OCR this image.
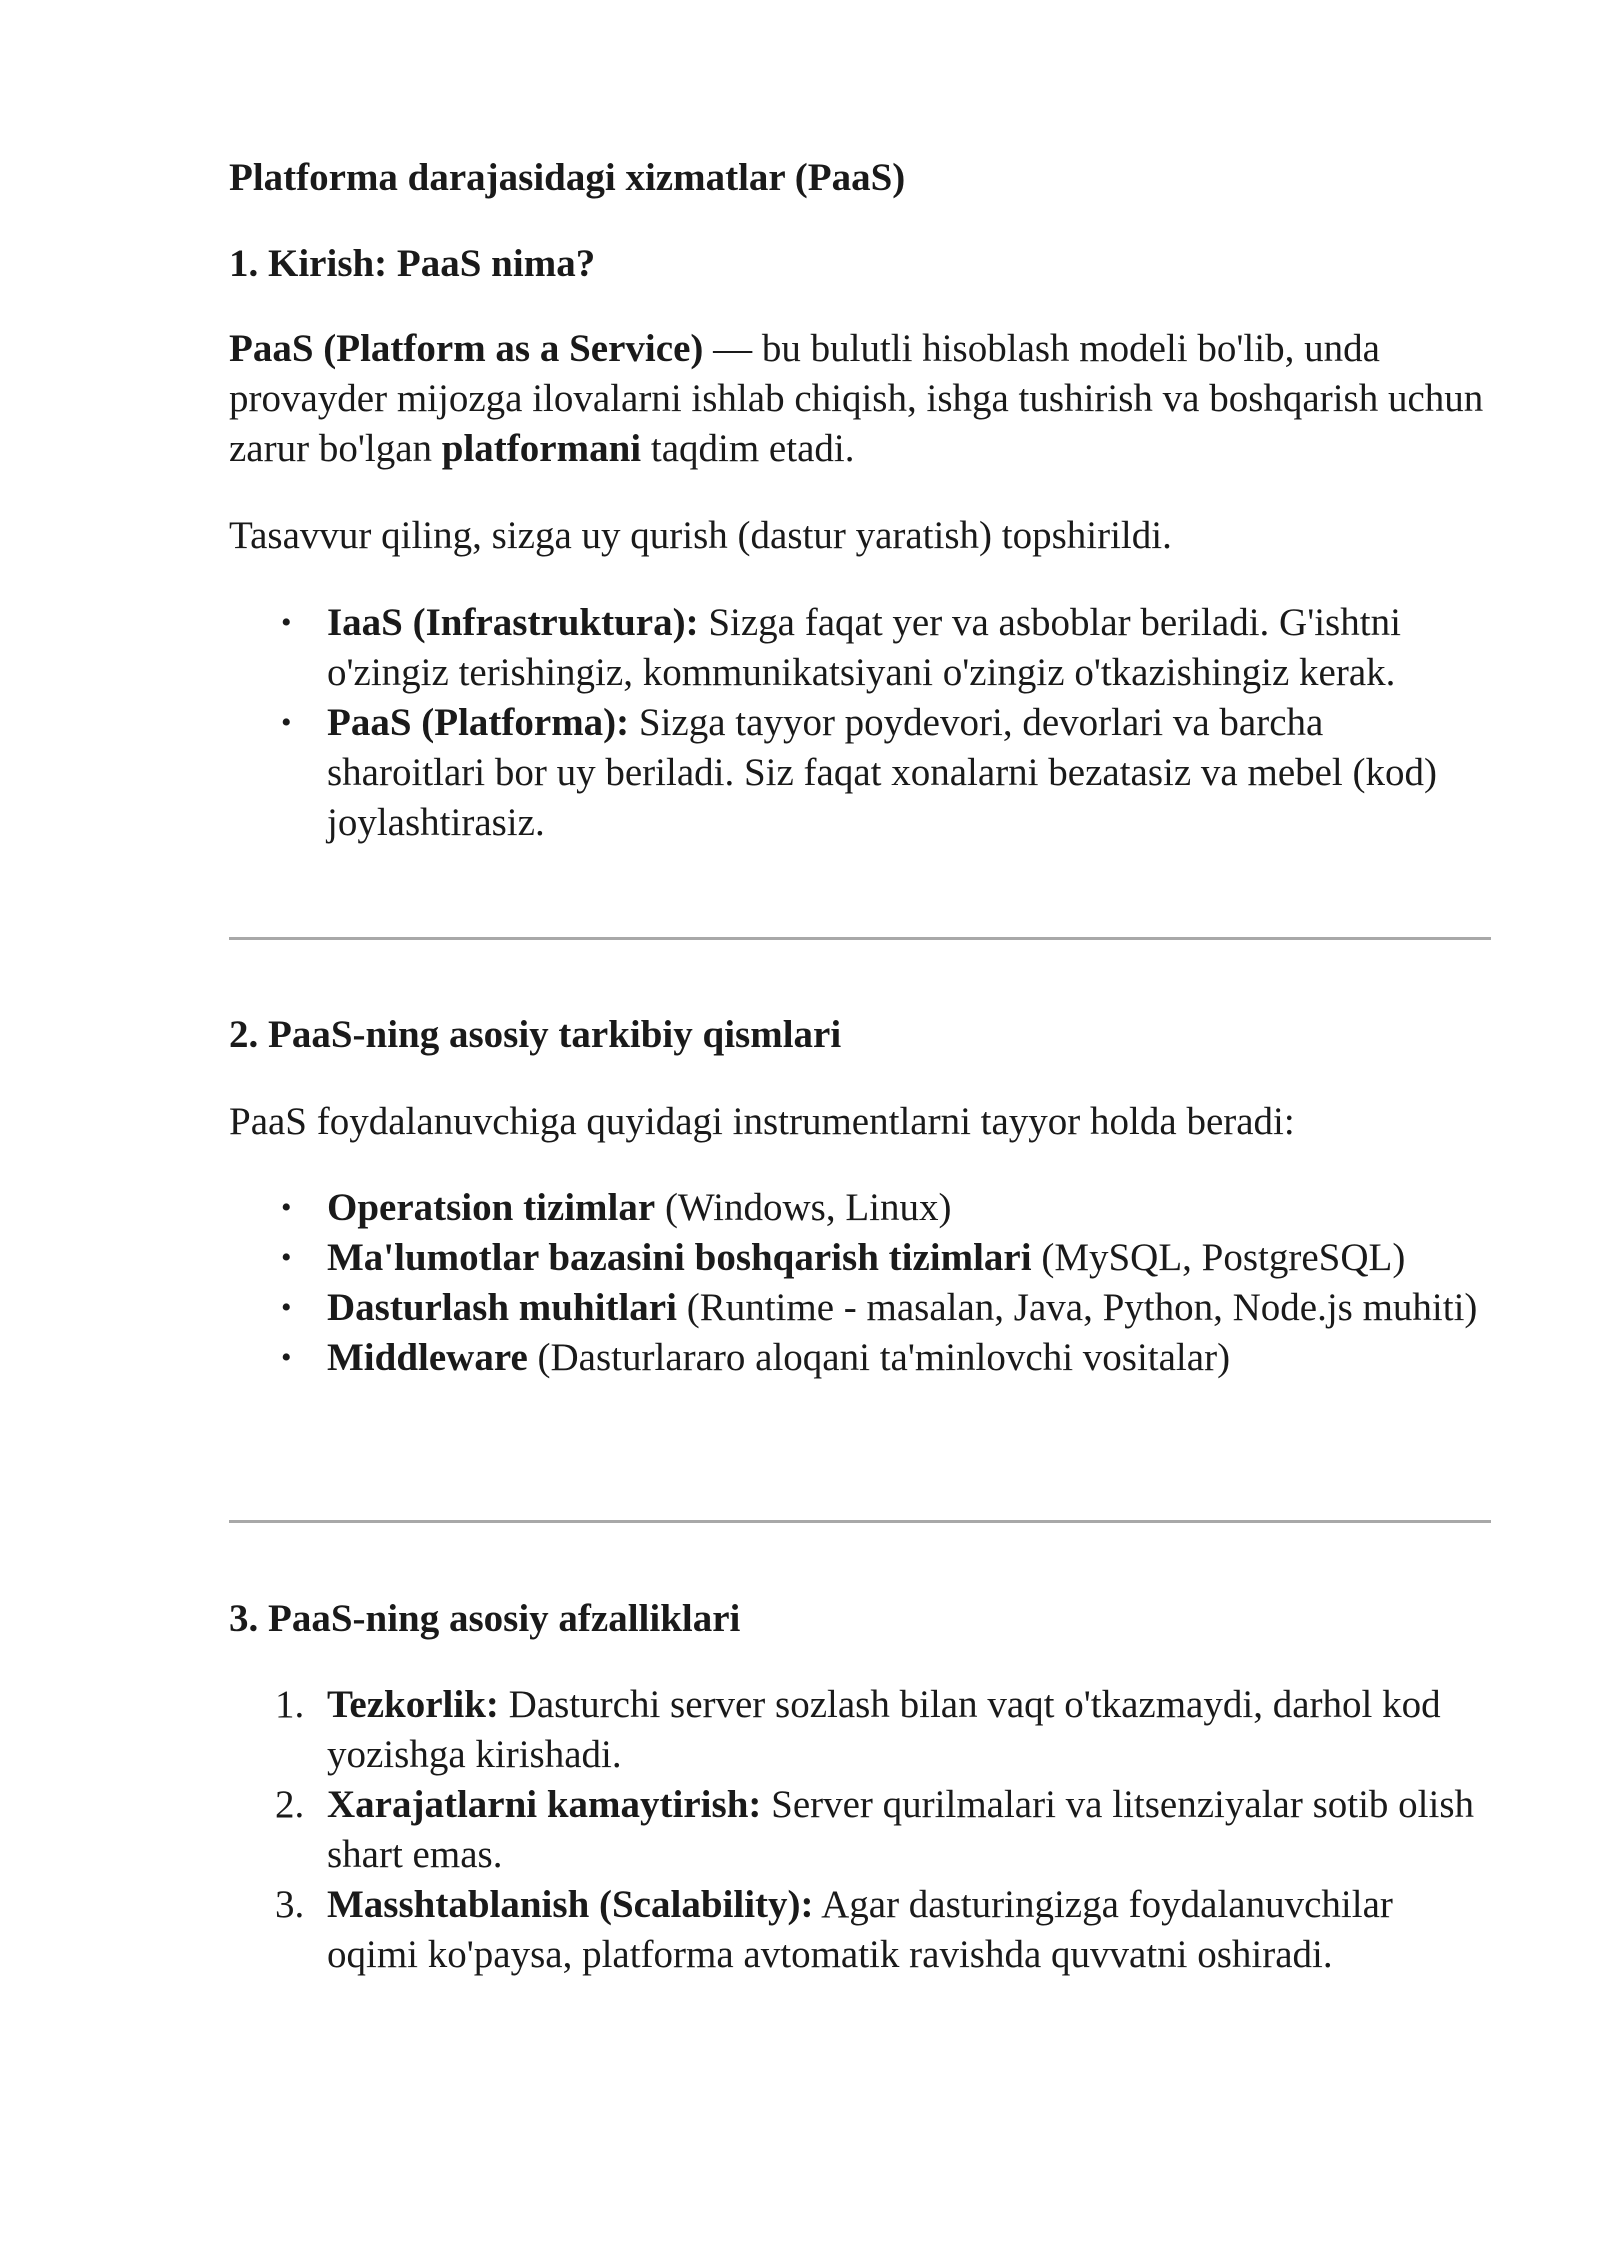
Platforma darajasidagi xizmatlar (PaaS)
1. Kirish: PaaS nima?

PaaS (Platform as a Service) — bu bulutli hisoblash modeli bo'lib, unda provayder mijozga ilovalarni ishlab chiqish, ishga tushirish va boshqarish uchun zarur bo'lgan platformani taqdim etadi.

Tasavvur qiling, sizga uy qurish (dastur yaratish) topshirildi.

• IaaS (Infrastruktura): Sizga faqat yer va asboblar beriladi. G'ishtni o'zingiz terishingiz, kommunikatsiyani o'zingiz o'tkazishingiz kerak.
• PaaS (Platforma): Sizga tayyor poydevori, devorlari va barcha sharoitlari bor uy beriladi. Siz faqat xonalarni bezatasiz va mebel (kod) joylashtirasiz.
2. PaaS-ning asosiy tarkibiy qismlari

PaaS foydalanuvchiga quyidagi instrumentlarni tayyor holda beradi:

• Operatsion tizimlar (Windows, Linux)
• Ma'lumotlar bazasini boshqarish tizimlari (MySQL, PostgreSQL)
• Dasturlash muhitlari (Runtime - masalan, Java, Python, Node.js muhiti)
• Middleware (Dasturlararo aloqani ta'minlovchi vositalar)
3. PaaS-ning asosiy afzalliklari
1. Tezkorlik: Dasturchi server sozlash bilan vaqt o'tkazmaydi, darhol kod yozishga kirishadi.
2. Xarajatlarni kamaytirish: Server qurilmalari va litsenziyalar sotib olish shart emas.
3. Masshtablanish (Scalability): Agar dasturingizga foydalanuvchilar oqimi ko'paysa, platforma avtomatik ravishda quvvatni oshiradi.
